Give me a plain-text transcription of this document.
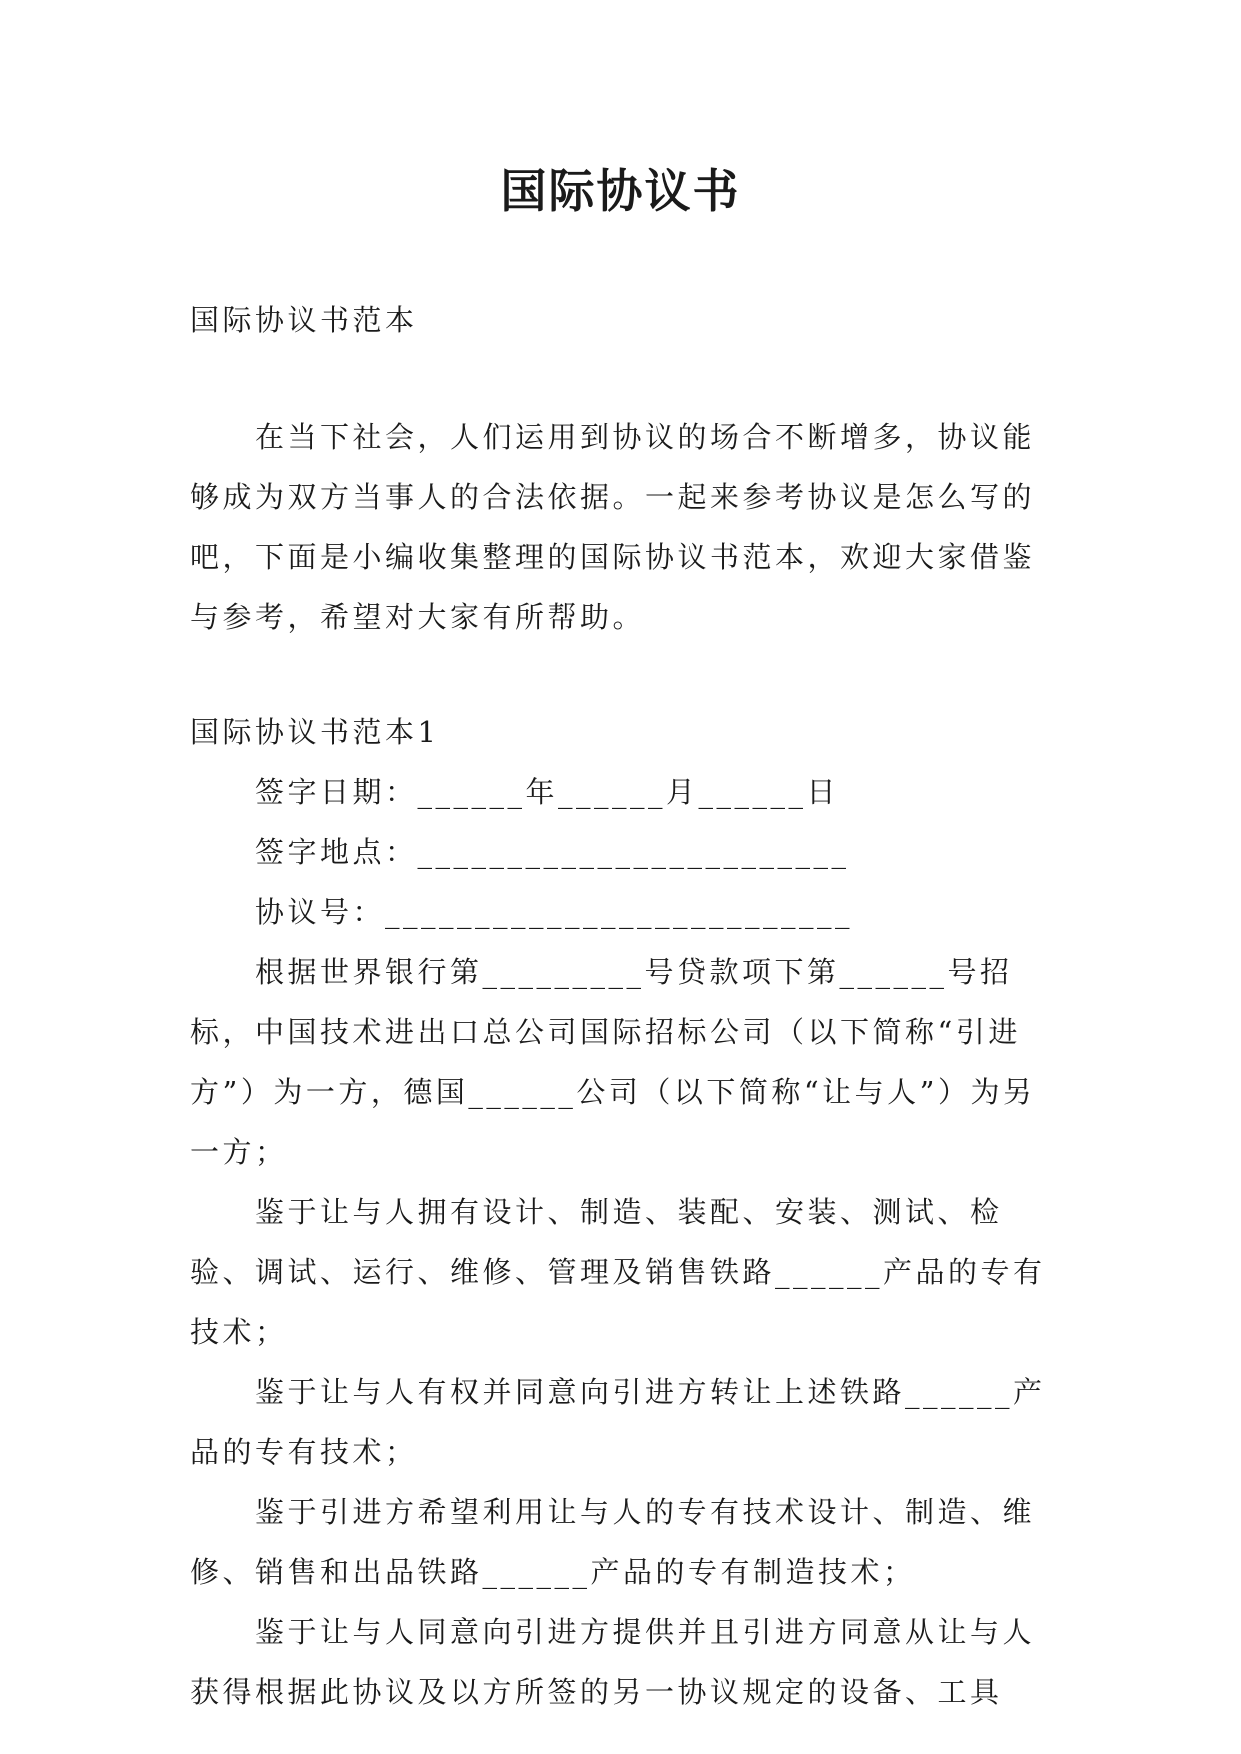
国际协议书

国际协议书范本

在当下社会，人们运用到协议的场合不断增多，协议能够成为双方当事人的合法依据。一起来参考协议是怎么写的吧，下面是小编收集整理的国际协议书范本，欢迎大家借鉴与参考，希望对大家有所帮助。

国际协议书范本1

签字日期：______年______月______日

签字地点：________________________

协议号：__________________________

根据世界银行第_________号贷款项下第______号招标，中国技术进出口总公司国际招标公司（以下简称“引进方”）为一方，德国______公司（以下简称“让与人”）为另一方；

鉴于让与人拥有设计、制造、装配、安装、测试、检验、调试、运行、维修、管理及销售铁路______产品的专有技术；

鉴于让与人有权并同意向引进方转让上述铁路______产品的专有技术；

鉴于引进方希望利用让与人的专有技术设计、制造、维修、销售和出品铁路______产品的专有制造技术；

鉴于让与人同意向引进方提供并且引进方同意从让与人获得根据此协议及以方所签的另一协议规定的设备、工具
